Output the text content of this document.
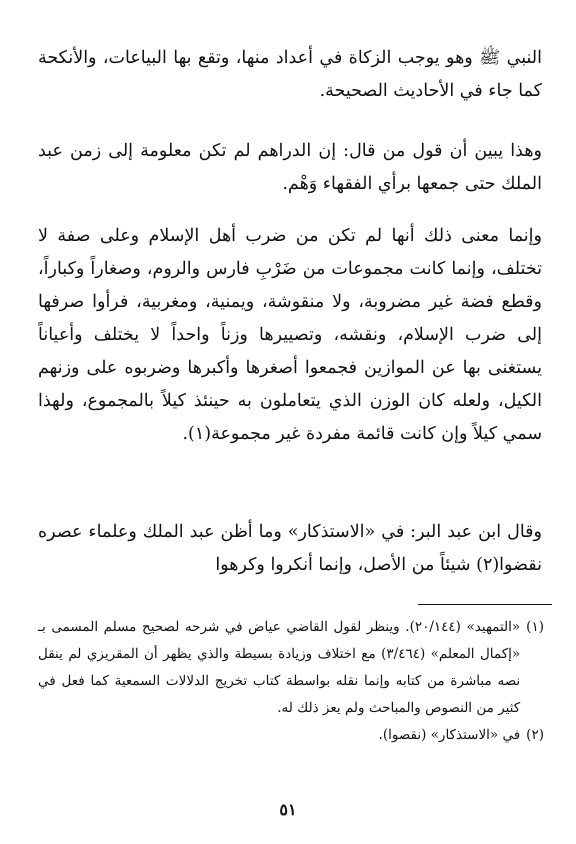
النبي ﷺ وهو يوجب الزكاة في أعداد منها، وتقع بها البياعات، والأنكحة كما جاء في الأحاديث الصحيحة.

وهذا يبين أن قول من قال: إن الدراهم لم تكن معلومة إلى زمن عبد الملك حتى جمعها برأي الفقهاء وَهْم.

وإنما معنى ذلك أنها لم تكن من ضرب أهل الإسلام وعلى صفة لا تختلف، وإنما كانت مجموعات من ضَرْبِ فارس والروم، وصغاراً وكباراً، وقطع فضة غير مضروبة، ولا منقوشة، ويمنية، ومغربية، فرأوا صرفها إلى ضرب الإسلام، ونقشه، وتصييرها وزناً واحداً لا يختلف وأعياناً يستغنى بها عن الموازين فجمعوا أصغرها وأكبرها وضربوه على وزنهم الكيل، ولعله كان الوزن الذي يتعاملون به حينئذ كيلاً بالمجموع، ولهذا سمي كيلاً وإن كانت قائمة مفردة غير مجموعة(١).

وقال ابن عبد البر: في «الاستذكار» وما أظن عبد الملك وعلماء عصره نقضوا(٢) شيئاً من الأصل، وإنما أنكروا وكرهوا

(١)
«التمهيد» (٢٠/١٤٤). وينظر لقول القاضي عياض في شرحه لصحيح مسلم المسمى بـ «إكمال المعلم» (٣/٤٦٤) مع اختلاف وزيادة بسيطة والذي يظهر أن المقريزي لم ينقل نصه مباشرة من كتابه وإنما نقله بواسطة كتاب تخريج الدلالات السمعية كما فعل في كثير من النصوص والمباحث ولم يعز ذلك له.
(٢)
في «الاستذكار» (نقصوا).
٥١
